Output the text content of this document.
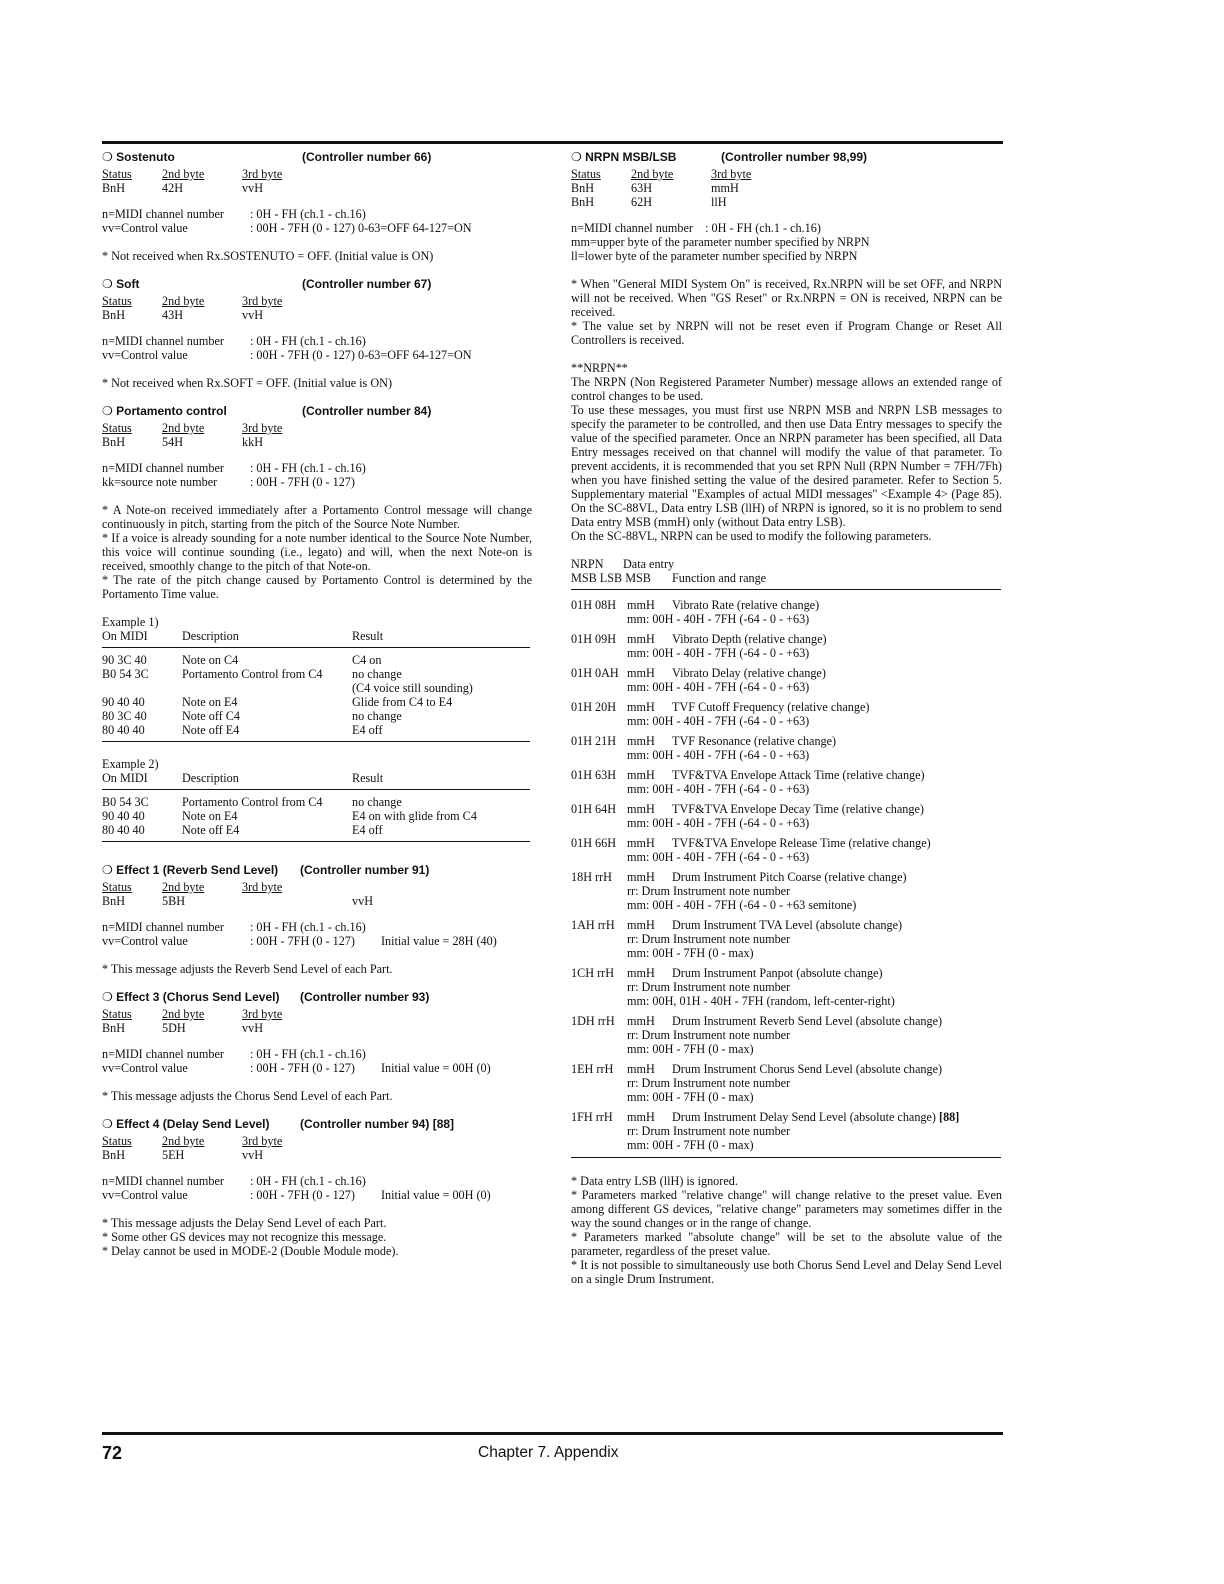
❍ Sostenuto	(Controller number 66)
Status	2nd byte	3rd byte
BnH	42H	vvH
n=MIDI channel number	: 0H - FH (ch.1 - ch.16)
vv=Control value	: 00H - 7FH (0 - 127) 0-63=OFF 64-127=ON

* Not received when Rx.SOSTENUTO = OFF. (Initial value is ON)

❍ Soft	(Controller number 67)
Status	2nd byte	3rd byte
BnH	43H	vvH
n=MIDI channel number	: 0H - FH (ch.1 - ch.16)
vv=Control value	: 00H - 7FH (0 - 127) 0-63=OFF 64-127=ON

* Not received when Rx.SOFT = OFF. (Initial value is ON)

❍ Portamento control	(Controller number 84)
Status	2nd byte	3rd byte
BnH	54H	kkH
n=MIDI channel number	: 0H - FH (ch.1 - ch.16)
kk=source note number	: 00H - 7FH (0 - 127)

* A Note-on received immediately after a Portamento Control message will change continuously in pitch, starting from the pitch of the Source Note Number.

* If a voice is already sounding for a note number identical to the Source Note Number, this voice will continue sounding (i.e., legato) and will, when the next Note-on is received, smoothly change to the pitch of that Note-on.

* The rate of the pitch change caused by Portamento Control is determined by the Portamento Time value.

Example 1)
On MIDI	Description	Result
90 3C 40	Note on C4	C4 on
B0 54 3C	Portamento Control from C4	no change
(C4 voice still sounding)
90 40 40	Note on E4	Glide from C4 to E4
80 3C 40	Note off C4	no change
80 40 40	Note off E4	E4 off
Example 2)
On MIDI	Description	Result
B0 54 3C	Portamento Control from C4	no change
90 40 40	Note on E4	E4 on with glide from C4
80 40 40	Note off E4	E4 off
❍ Effect 1 (Reverb Send Level) (Controller number 91)
Status	2nd byte	3rd byte
BnH	5BH	vvH
n=MIDI channel number	: 0H - FH (ch.1 - ch.16)
vv=Control value	: 00H - 7FH (0 - 127) Initial value = 28H (40)

* This message adjusts the Reverb Send Level of each Part.

❍ Effect 3 (Chorus Send Level) (Controller number 93)
Status	2nd byte	3rd byte
BnH	5DH	vvH
n=MIDI channel number	: 0H - FH (ch.1 - ch.16)
vv=Control value	: 00H - 7FH (0 - 127) Initial value = 00H (0)

* This message adjusts the Chorus Send Level of each Part.

❍ Effect 4 (Delay Send Level)	(Controller number 94) [88]
Status	2nd byte	3rd byte
BnH	5EH	vvH
n=MIDI channel number	: 0H - FH (ch.1 - ch.16)
vv=Control value	: 00H - 7FH (0 - 127) Initial value = 00H (0)

* This message adjusts the Delay Send Level of each Part.

* Some other GS devices may not recognize this message.

* Delay cannot be used in MODE-2 (Double Module mode).

❍ NRPN MSB/LSB	(Controller number 98,99)
Status	2nd byte	3rd byte
BnH	63H	mmH
BnH	62H	llH

n=MIDI channel number    : 0H - FH (ch.1 - ch.16)

mm=upper byte of the parameter number specified by NRPN

ll=lower byte of the parameter number specified by NRPN

* When "General MIDI System On" is received, Rx.NRPN will be set OFF, and NRPN will not be received. When "GS Reset" or Rx.NRPN = ON is received, NRPN can be received.

* The value set by NRPN will not be reset even if Program Change or Reset All Controllers is received.

**NRPN**

The NRPN (Non Registered Parameter Number) message allows an extended range of control changes to be used.

To use these messages, you must first use NRPN MSB and NRPN LSB messages to specify the parameter to be controlled, and then use Data Entry messages to specify the value of the specified parameter. Once an NRPN parameter has been specified, all Data Entry messages received on that channel will modify the value of that parameter. To prevent accidents, it is recommended that you set RPN Null (RPN Number = 7FH/7Fh) when you have finished setting the value of the desired parameter. Refer to Section 5. Supplementary material "Examples of actual MIDI messages" <Example 4> (Page 85). On the SC-88VL, Data entry LSB (llH) of NRPN is ignored, so it is no problem to send Data entry MSB (mmH) only (without Data entry LSB).

On the SC-88VL, NRPN can be used to modify the following parameters.

NRPN	Data entry
MSB LSB MSB	Function and range
01H 08H mmH	Vibrato Rate (relative change)
mm: 00H - 40H - 7FH (-64 - 0 - +63)
01H 09H mmH	Vibrato Depth (relative change)
mm: 00H - 40H - 7FH (-64 - 0 - +63)
01H 0AH mmH	Vibrato Delay (relative change)
mm: 00H - 40H - 7FH (-64 - 0 - +63)
01H 20H mmH	TVF Cutoff Frequency (relative change)
mm: 00H - 40H - 7FH (-64 - 0 - +63)
01H 21H mmH	TVF Resonance (relative change)
mm: 00H - 40H - 7FH (-64 - 0 - +63)
01H 63H mmH	TVF&TVA Envelope Attack Time (relative change)
mm: 00H - 40H - 7FH (-64 - 0 - +63)
01H 64H mmH	TVF&TVA Envelope Decay Time (relative change)
mm: 00H - 40H - 7FH (-64 - 0 - +63)
01H 66H mmH	TVF&TVA Envelope Release Time (relative change)
mm: 00H - 40H - 7FH (-64 - 0 - +63)
18H rrH	mmH	Drum Instrument Pitch Coarse (relative change)
rr: Drum Instrument note number
mm: 00H - 40H - 7FH (-64 - 0 - +63 semitone)
1AH rrH	mmH	Drum Instrument TVA Level (absolute change)
rr: Drum Instrument note number
mm: 00H - 7FH (0 - max)
1CH rrH	mmH	Drum Instrument Panpot (absolute change)
rr: Drum Instrument note number
mm: 00H, 01H - 40H - 7FH (random, left-center-right)
1DH rrH	mmH	Drum Instrument Reverb Send Level (absolute change)
rr: Drum Instrument note number
mm: 00H - 7FH (0 - max)
1EH rrH	mmH	Drum Instrument Chorus Send Level (absolute change)
rr: Drum Instrument note number
mm: 00H - 7FH (0 - max)
1FH rrH	mmH	Drum Instrument Delay Send Level (absolute change)
[88]
rr: Drum Instrument note number
mm: 00H - 7FH (0 - max)

* Data entry LSB (llH) is ignored.

* Parameters marked "relative change" will change relative to the preset value. Even among different GS devices, "relative change" parameters may sometimes differ in the way the sound changes or in the range of change.

* Parameters marked "absolute change" will be set to the absolute value of the parameter, regardless of the preset value.

* It is not possible to simultaneously use both Chorus Send Level and Delay Send Level on a single Drum Instrument.

72	Chapter 7. Appendix
